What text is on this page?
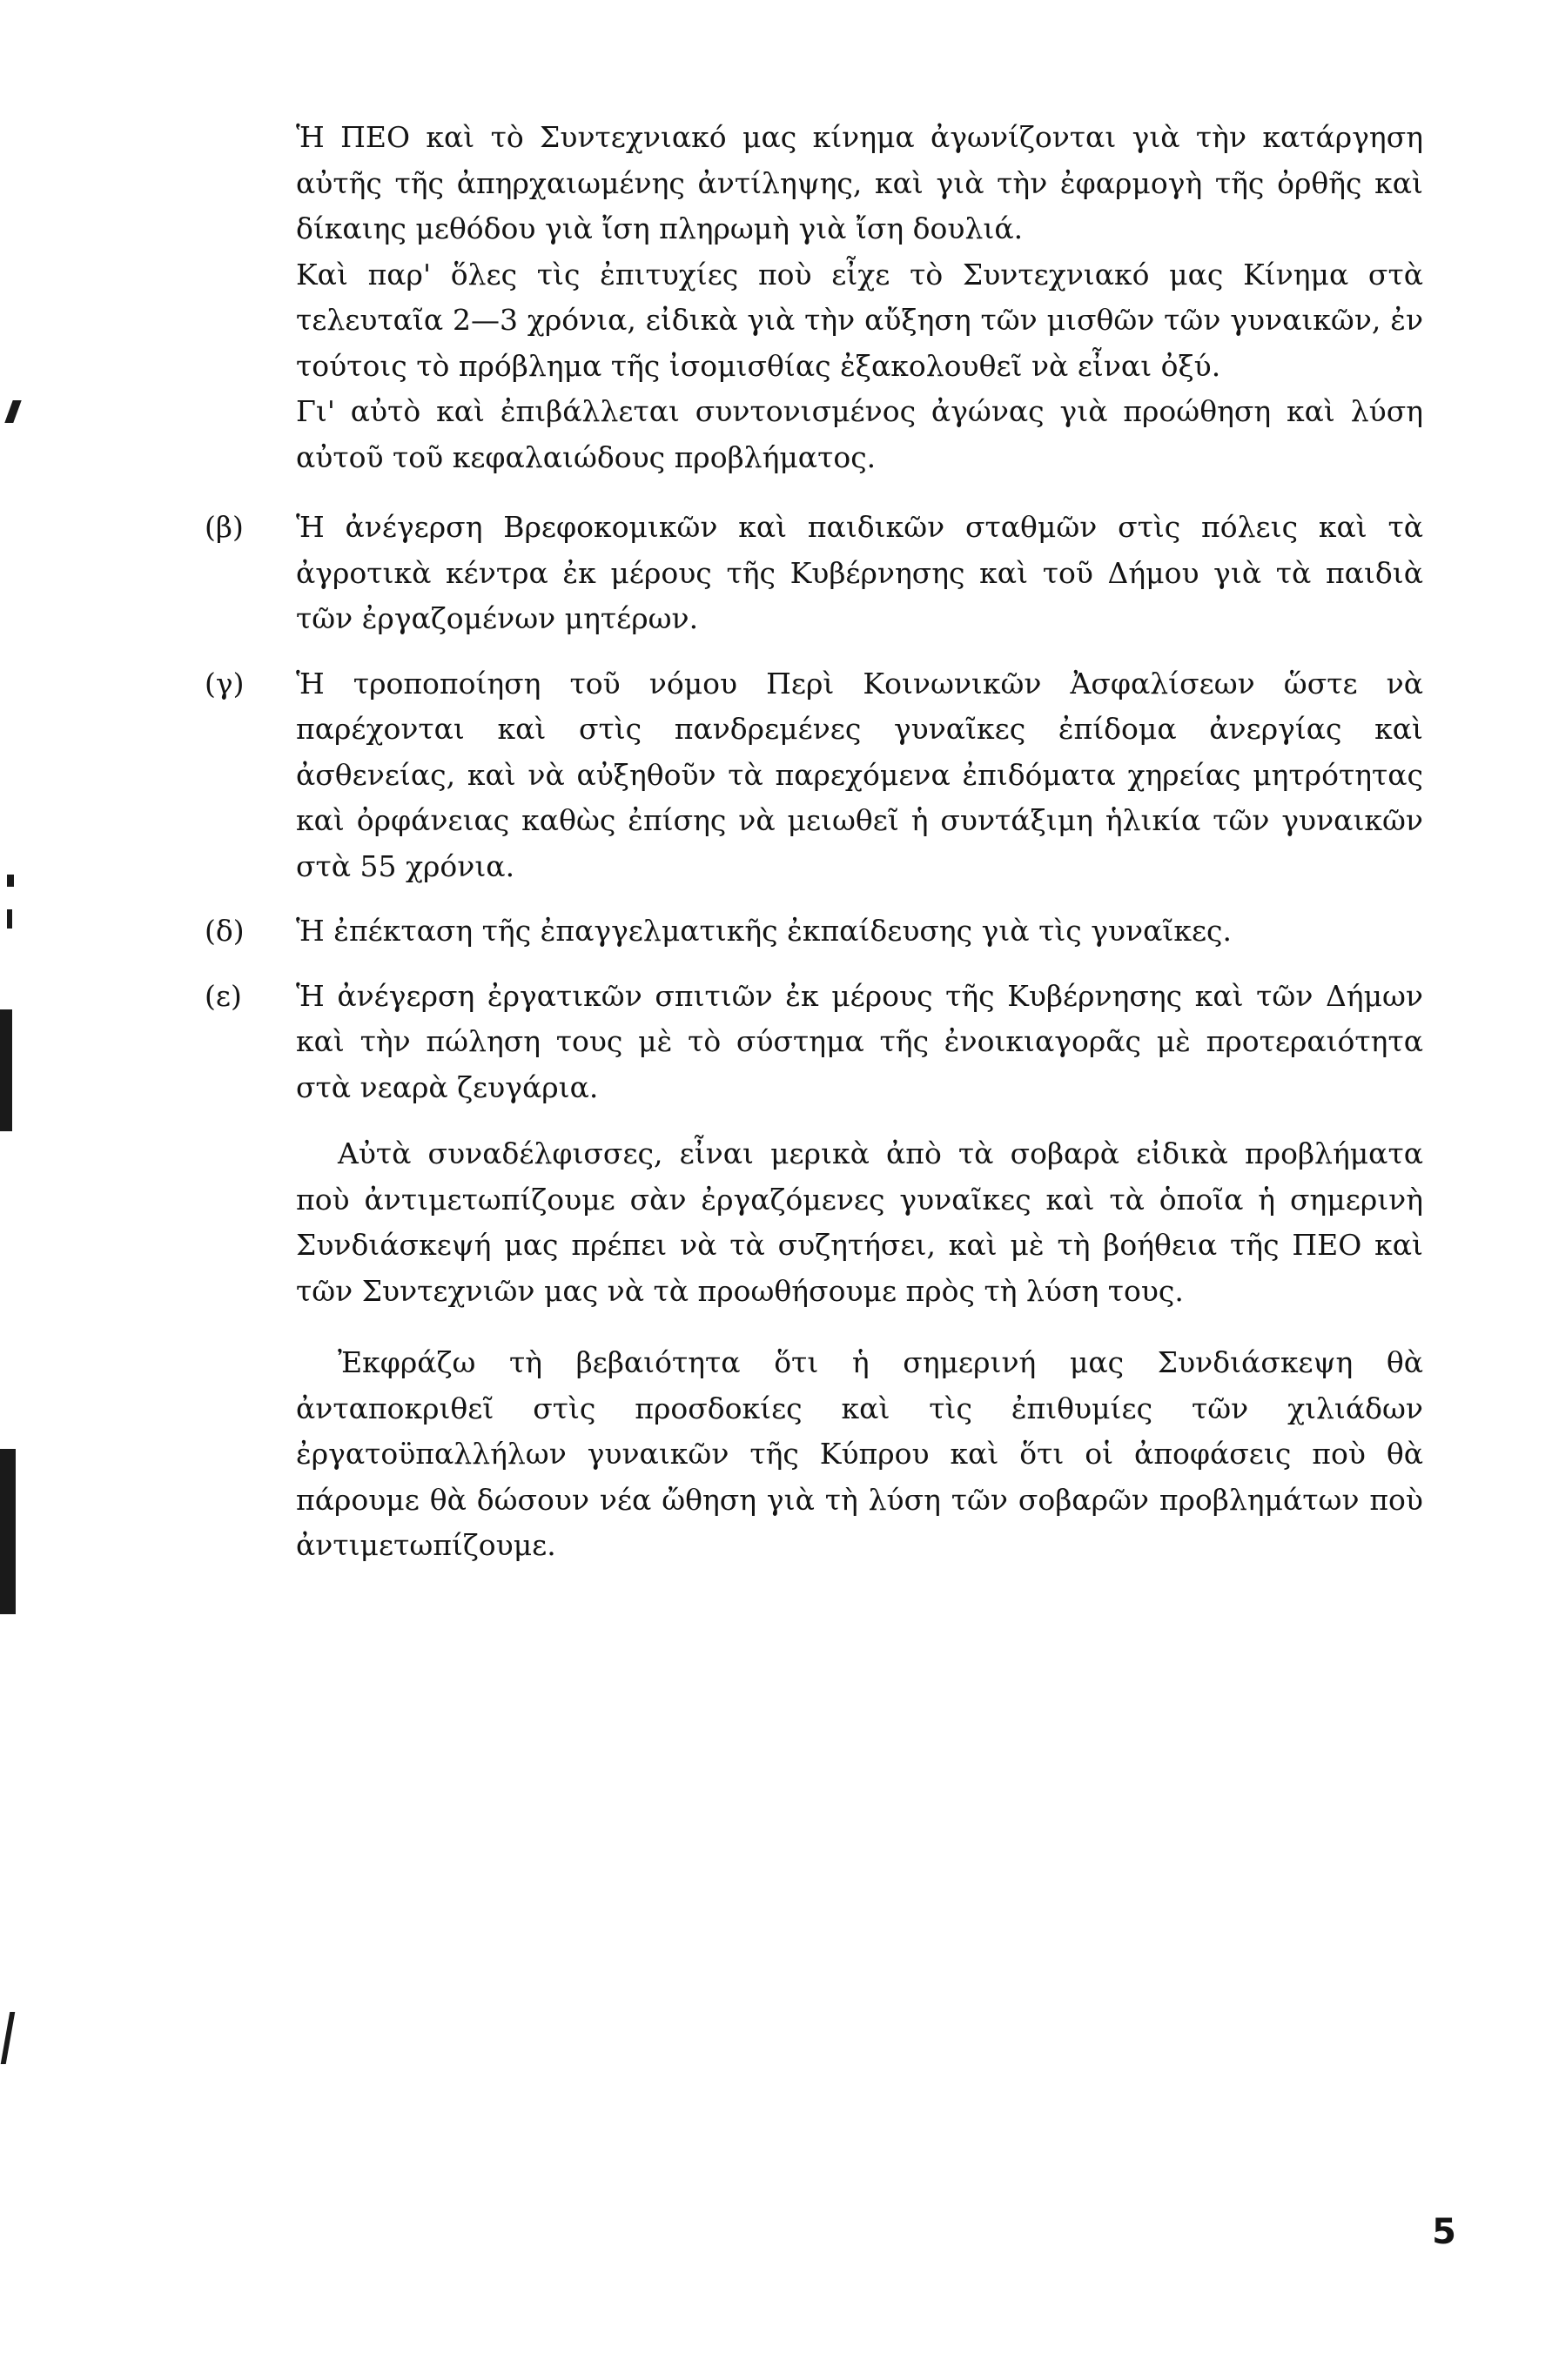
Ἡ ΠΕΟ καὶ τὸ Συντεχνιακό μας κίνημα ἀγωνίζονται γιὰ τὴν κατάργηση αὐτῆς τῆς ἀπηρχαιωμένης ἀντίληψης, καὶ γιὰ τὴν ἐφαρμογὴ τῆς ὀρθῆς καὶ δίκαιης μεθόδου γιὰ ἴση πληρωμὴ γιὰ ἴση δουλιά.

Καὶ παρ' ὅλες τὶς ἐπιτυχίες ποὺ εἶχε τὸ Συντεχνιακό μας Κίνημα στὰ τελευταῖα 2—3 χρόνια, εἰδικὰ γιὰ τὴν αὔξηση τῶν μισθῶν τῶν γυναικῶν, ἐν τούτοις τὸ πρόβλημα τῆς ἰσομισθίας ἐξακολουθεῖ νὰ εἶναι ὀξύ.

Γι' αὐτὸ καὶ ἐπιβάλλεται συντονισμένος ἀγώνας γιὰ προώθηση καὶ λύση αὐτοῦ τοῦ κεφαλαιώδους προβλήματος.

(β)	Ἡ ἀνέγερση Βρεφοκομικῶν καὶ παιδικῶν σταθμῶν στὶς πόλεις καὶ τὰ ἀγροτικὰ κέντρα ἐκ μέρους τῆς Κυβέρνησης καὶ τοῦ Δήμου γιὰ τὰ παιδιὰ τῶν ἐργαζομένων μητέρων.

(γ)	Ἡ τροποποίηση τοῦ νόμου Περὶ Κοινωνικῶν Ἀσφαλίσεων ὥστε νὰ παρέχονται καὶ στὶς πανδρεμένες γυναῖκες ἐπίδομα ἀνεργίας καὶ ἀσθενείας, καὶ νὰ αὐξηθοῦν τὰ παρεχόμενα ἐπιδόματα χηρείας μητρότητας καὶ ὀρφάνειας καθὼς ἐπίσης νὰ μειωθεῖ ἡ συντάξιμη ἡλικία τῶν γυναικῶν στὰ 55 χρόνια.

(δ)	Ἡ ἐπέκταση τῆς ἐπαγγελματικῆς ἐκπαίδευσης γιὰ τὶς γυναῖκες.

(ε)	Ἡ ἀνέγερση ἐργατικῶν σπιτιῶν ἐκ μέρους τῆς Κυβέρνησης καὶ τῶν Δήμων καὶ τὴν πώληση τους μὲ τὸ σύστημα τῆς ἐνοικιαγορᾶς μὲ προτεραιότητα στὰ νεαρὰ ζευγάρια.

Αὐτὰ συναδέλφισσες, εἶναι μερικὰ ἀπὸ τὰ σοβαρὰ εἰδικὰ προβλήματα ποὺ ἀντιμετωπίζουμε σὰν ἐργαζόμενες γυναῖκες καὶ τὰ ὁποῖα ἡ σημερινὴ Συνδιάσκεψή μας πρέπει νὰ τὰ συζητήσει, καὶ μὲ τὴ βοήθεια τῆς ΠΕΟ καὶ τῶν Συντεχνιῶν μας νὰ τὰ προωθήσουμε πρὸς τὴ λύση τους.

Ἐκφράζω τὴ βεβαιότητα ὅτι ἡ σημερινή μας Συνδιάσκεψη θὰ ἀνταποκριθεῖ στὶς προσδοκίες καὶ τὶς ἐπιθυμίες τῶν χιλιάδων ἐργατοϋπαλλήλων γυναικῶν τῆς Κύπρου καὶ ὅτι οἱ ἀποφάσεις ποὺ θὰ πάρουμε θὰ δώσουν νέα ὤθηση γιὰ τὴ λύση τῶν σοβαρῶν προβλημάτων ποὺ ἀντιμετωπίζουμε.

5
